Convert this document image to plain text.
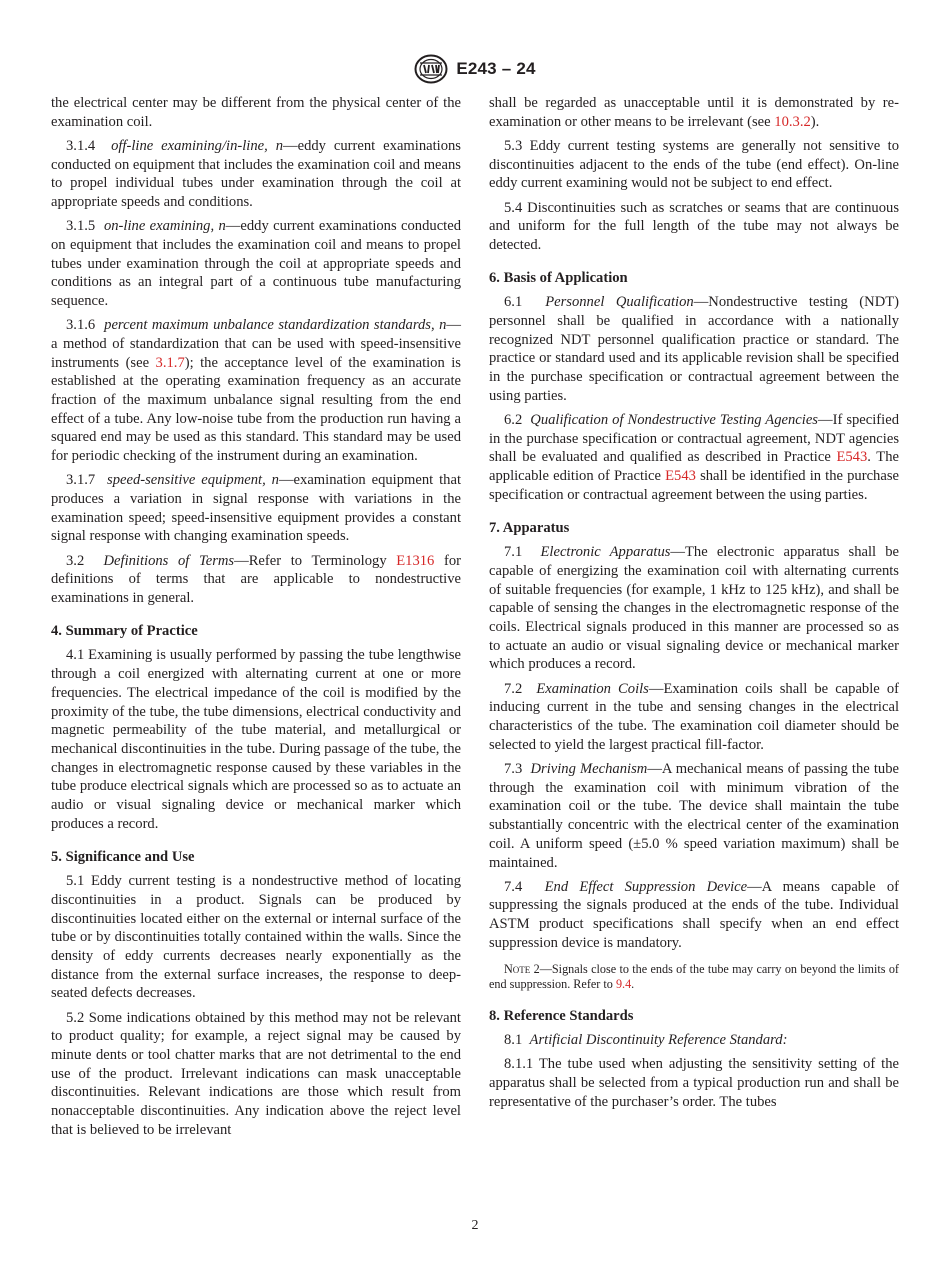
E243 – 24

the electrical center may be different from the physical center of the examination coil.

3.1.4 off-line examining/in-line, n—eddy current examinations conducted on equipment that includes the examination coil and means to propel individual tubes under examination through the coil at appropriate speeds and conditions.

3.1.5 on-line examining, n—eddy current examinations conducted on equipment that includes the examination coil and means to propel tubes under examination through the coil at appropriate speeds and conditions as an integral part of a continuous tube manufacturing sequence.

3.1.6 percent maximum unbalance standardization standards, n—a method of standardization that can be used with speed-insensitive instruments (see 3.1.7); the acceptance level of the examination is established at the operating examination frequency as an accurate fraction of the maximum unbalance signal resulting from the end effect of a tube. Any low-noise tube from the production run having a squared end may be used as this standard. This standard may be used for periodic checking of the instrument during an examination.

3.1.7 speed-sensitive equipment, n—examination equipment that produces a variation in signal response with variations in the examination speed; speed-insensitive equipment provides a constant signal response with changing examination speeds.

3.2 Definitions of Terms—Refer to Terminology E1316 for definitions of terms that are applicable to nondestructive examinations in general.

4. Summary of Practice

4.1 Examining is usually performed by passing the tube lengthwise through a coil energized with alternating current at one or more frequencies. The electrical impedance of the coil is modified by the proximity of the tube, the tube dimensions, electrical conductivity and magnetic permeability of the tube material, and metallurgical or mechanical discontinuities in the tube. During passage of the tube, the changes in electromagnetic response caused by these variables in the tube produce electrical signals which are processed so as to actuate an audio or visual signaling device or mechanical marker which produces a record.

5. Significance and Use

5.1 Eddy current testing is a nondestructive method of locating discontinuities in a product. Signals can be produced by discontinuities located either on the external or internal surface of the tube or by discontinuities totally contained within the walls. Since the density of eddy currents decreases nearly exponentially as the distance from the external surface increases, the response to deep-seated defects decreases.

5.2 Some indications obtained by this method may not be relevant to product quality; for example, a reject signal may be caused by minute dents or tool chatter marks that are not detrimental to the end use of the product. Irrelevant indications can mask unacceptable discontinuities. Relevant indications are those which result from nonacceptable discontinuities. Any indication above the reject level that is believed to be irrelevant

shall be regarded as unacceptable until it is demonstrated by re-examination or other means to be irrelevant (see 10.3.2).

5.3 Eddy current testing systems are generally not sensitive to discontinuities adjacent to the ends of the tube (end effect). On-line eddy current examining would not be subject to end effect.

5.4 Discontinuities such as scratches or seams that are continuous and uniform for the full length of the tube may not always be detected.

6. Basis of Application

6.1 Personnel Qualification—Nondestructive testing (NDT) personnel shall be qualified in accordance with a nationally recognized NDT personnel qualification practice or standard. The practice or standard used and its applicable revision shall be specified in the purchase specification or contractual agreement between the using parties.

6.2 Qualification of Nondestructive Testing Agencies—If specified in the purchase specification or contractual agreement, NDT agencies shall be evaluated and qualified as described in Practice E543. The applicable edition of Practice E543 shall be identified in the purchase specification or contractual agreement between the using parties.

7. Apparatus

7.1 Electronic Apparatus—The electronic apparatus shall be capable of energizing the examination coil with alternating currents of suitable frequencies (for example, 1 kHz to 125 kHz), and shall be capable of sensing the changes in the electromagnetic response of the coils. Electrical signals produced in this manner are processed so as to actuate an audio or visual signaling device or mechanical marker which produces a record.

7.2 Examination Coils—Examination coils shall be capable of inducing current in the tube and sensing changes in the electrical characteristics of the tube. The examination coil diameter should be selected to yield the largest practical fill-factor.

7.3 Driving Mechanism—A mechanical means of passing the tube through the examination coil with minimum vibration of the examination coil or the tube. The device shall maintain the tube substantially concentric with the electrical center of the examination coil. A uniform speed (±5.0 % speed variation maximum) shall be maintained.

7.4 End Effect Suppression Device—A means capable of suppressing the signals produced at the ends of the tube. Individual ASTM product specifications shall specify when an end effect suppression device is mandatory.

Note 2—Signals close to the ends of the tube may carry on beyond the limits of end suppression. Refer to 9.4.

8. Reference Standards

8.1 Artificial Discontinuity Reference Standard:

8.1.1 The tube used when adjusting the sensitivity setting of the apparatus shall be selected from a typical production run and shall be representative of the purchaser’s order. The tubes

2
